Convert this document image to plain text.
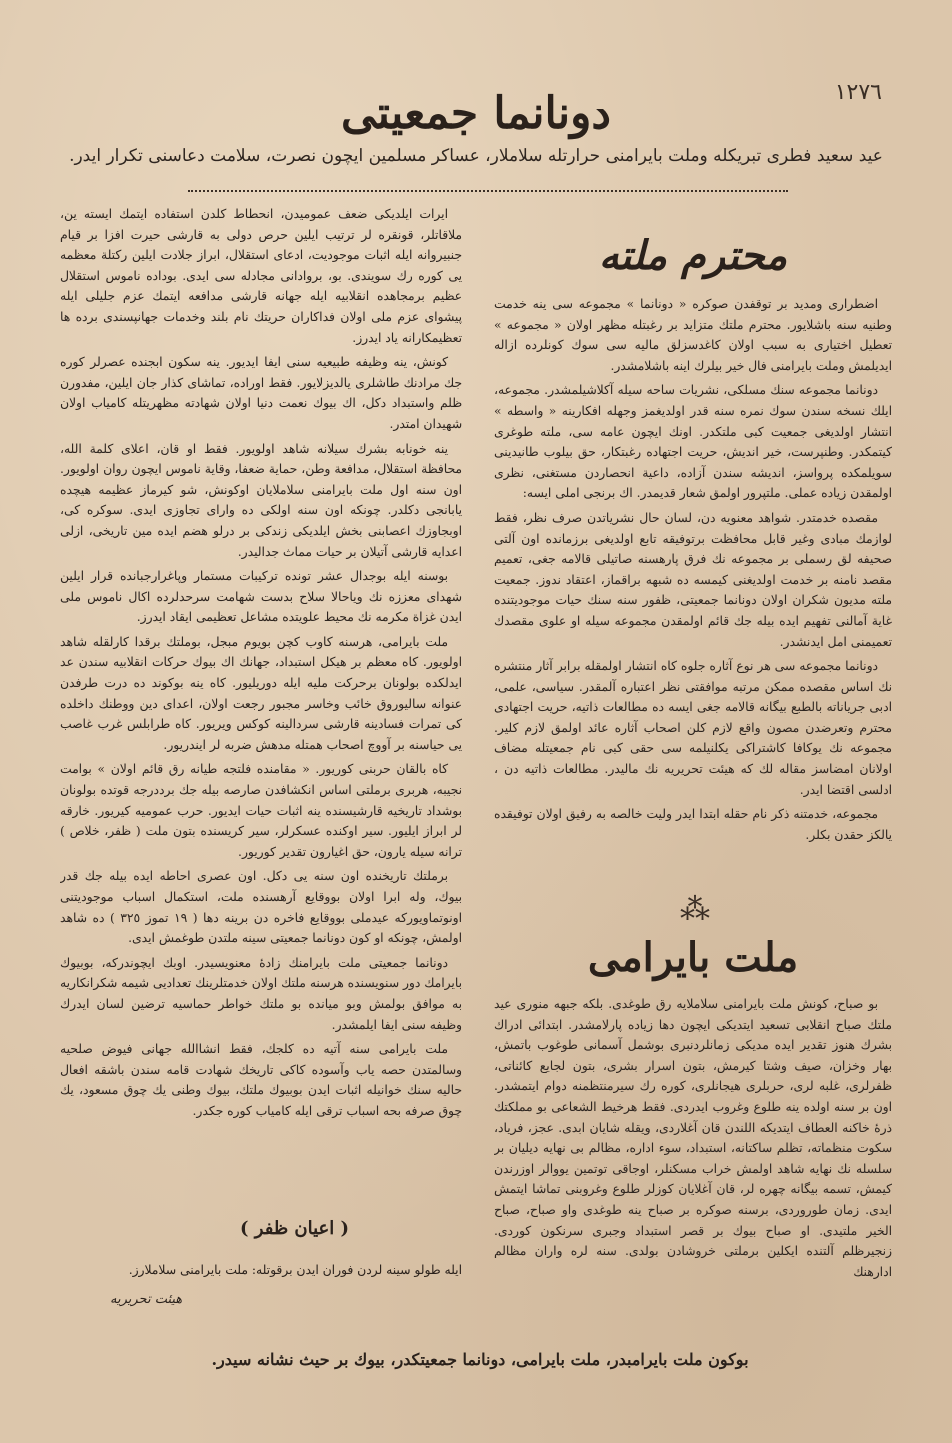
١٢٧٦
دونانما جمعيتى
عيد سعيد فطرى تبريكله وملت بايرامنى حرارتله سلاملار، عساكر مسلمين ايچون نصرت، سلامت دعاسنى تكرار ايدر.
محترم ملته

اضطرارى ومديد بر توقفدن صوكره « دونانما » مجموعه سى ينه خدمت وطنيه سنه باشلايور. محترم ملتك متزايد بر رغبتله مظهر اولان « مجموعه » تعطيل اختيارى به سبب اولان كاغدسزلق ماليه سى سوك كونلرده ازاله ايديلمش وملت بايرامنى فال خير بيلرك اينه باشلامشدر.

دونانما مجموعه سنك مسلكى، نشريات ساحه سيله آكلاشيلمشدر. مجموعه، ايلك نسخه سندن سوك نمره سنه قدر اولديغمز وجهله افكارينه « واسطه » انتشار اولديغى جمعيت كبى ملتكدر. اونك ايچون عامه سى، ملته طوغرى كيتمكدر. وطنپرست، خير انديش، حريت اجتهاده رغبتكار، حق بيلوب طانيدينى سويلمكده پرواسز، انديشه سندن آزاده، داعية انحصاردن مستغنى، نظرى اولمقدن زياده عملى. ملتپرور اولمق شعار قديمدر. اك برنجى املى ايسه:

مقصده خدمتدر. شواهد معنويه دن، لسان حال نشرياتدن صرف نظر، فقط لوازمك مبادى وغير قابل محافظت برتوفيقه تابع اولديغى برزمانده اون آلتى صحيفه لق رسملى بر مجموعه نك فرق پارهسنه صاتيلى قالامه جغى، تعميم مقصد نامنه بر خدمت اولديغنى كيمسه ده شبهه براقماز، اعتقاد ندوز. جمعيت ملته مديون شكران اولان دونانما جمعيتى، ظفور سنه سنك حيات موجوديتنده غاية آمالنى تفهيم ايده بيله جك قائم اولمقدن مجموعه سيله او علوى مقصدك تعميمنى امل ايدنشدر.

دونانما مجموعه سى هر نوع آثاره جلوه كاه انتشار اولمقله برابر آثار منتشره نك اساس مقصده ممكن مرتبه موافقتى نظر اعتباره آلمقدر. سياسى، علمى، ادبى جرياناته بالطبع بيگانه قالامه جغى ايسه ده مطالعات ذاتيه، حريت اجتهادى محترم وتعرضدن مصون واقع لازم كلن اصحاب آثاره عائد اولمق لازم كلير. مجموعه نك يوكافا كاشتراكى يكلنيلمه سى حقى كبى نام جمعيتله مضاف اولانان امضاسز مقاله لك كه هيئت تحريريه نك ماليدر. مطالعات ذاتيه دن ، ادلسى اقتضا ايدر.

مجموعه، خدمتنه ذكر نام حقله ابتدا ايدر وليت خالصه به رفيق اولان توفيقده يالكز حقدن بكلر.

⁂
ملت بايرامى

بو صباح، كونش ملت بايرامنى سلاملايه رق طوغدى. بلكه جبهه منورى عيد ملتك صباح انقلابى تسعيد ايتديكى ايچون دها زياده پارلامشدر. ابتدائى ادراك بشرك هنوز تقدير ايده مديكى زمانلردنبرى بوشمل آسمانى طوغوب باتمش، بهار وخزان، صيف وشتا كيرمش، بتون اسرار بشرى، بتون لجايع كائناتى، ظفرلرى، غلبه لرى، حربلرى هيجانلرى، كوره رك سيرمنتظمنه دوام ايتمشدر. اون بر سنه اولده ينه طلوع وغروب ايدردى. فقط هرخيط الشعاعى بو مملكتك ذرۀ خاكنه العطاف ايتديكه اللندن قان آغلاردى، ويقله شايان ابدى. عجز، فرياد، سكوت منظماته، تظلم ساكتانه، استبداد، سوء اداره، مظالم بى نهايه ديليان بر سلسله نك نهايه شاهد اولمش خراب مسكنلر، اوجاقى توتمين يووالر اوزرندن كيمش، تسمه بيگانه چهره لر، قان آغلايان كوزلر طلوع وغروبنى تماشا ايتمش ايدى. زمان طوروردى، برسنه صوكره بر صباح ينه طوغدى واو صباح، صباح الخير ملتيدى. او صباح بيوك بر قصر استبداد وجبرى سرنكون كوردى. زنجيرظلم آلتنده ايكلين برملتى خروشادن بولدى. سنه لره واران مظالم ادارهنك

ايرات ايلديكى ضعف عموميدن، انحطاط كلدن استفاده ايتمك ايسته ين، ملاقاتلر، قونقره لر ترتيب ايلين حرص دولى به قارشى حيرت افزا بر قيام جنبيروانه ايله اثبات موجوديت، ادعاى استقلال، ابراز جلادت ايلين ركتلة معظمه يى كوره رك سويندى. بو، بروادانى مجادله سى ايدى. بوداده ناموس استقلال عظيم برمجاهده انقلابيه ايله جهانه قارشى مدافعه ايتمك عزم جليلى ايله پيشواى عزم ملى اولان فداكاران حريتك نام بلند وخدمات جهانپسندى برده ها تعظيمكارانه ياد ايدرز.

كونش، ينه وظيفه طبيعيه سنى ايفا ايديور. ينه سكون ابجنده عصرلر كوره جك مرادنك طاشلرى يالديزلايور. فقط اوراده، تماشاى كذار جان ايلين، مفدورن ظلم واستبداد دكل، اك بيوك نعمت دنيا اولان شهادته مظهريتله كامياب اولان شهيدان امتدر.

ينه خونابه بشرك سيلانه شاهد اولويور. فقط او قان، اعلاى كلمة الله، محافظة استقلال، مدافعة وطن، حماية ضعفا، وقاية ناموس ايچون روان اولويور. اون سنه اول ملت بايرامنى سلاملايان اوكونش، شو كيرماز عظيمه هيچده يابانجى دكلدر. چونكه اون سنه اولكى ده واراى تجاوزى ايدى. سوكره كى، اوبجاوزك اعصابنى بخش ايلديكى زندكى بر درلو هضم ايده مين تاريخى، ازلى اعدايه قارشى آتيلان بر حيات مماث جداليدر.

بوسنه ايله بوجدال عشر تونده تركيبات مستمار وپاغرارجبانده قرار ايلين شهداى معززه نك وياحالا سلاح بدست شهامت سرحدلرده اكال ناموس ملى ايدن غزاة مكرمه نك محيط علويتده مشاعل تعظيمى ايقاد ايدرز.

ملت بايرامى، هرسنه كاوب كچن بويوم مبجل، بوملتك برقدا كارلقله شاهد اولويور. كاه معظم بر هيكل استبداد، جهانك اك بيوك حركات انقلابيه سندن عد ايدلكده بولونان برحركت مليه ايله دوريليور. كاه ينه بوكوند ده درت طرفدن عنوانه ساليوروق خائب وخاسر مجبور رجعت اولان، اعداى دين ووطنك داخلده كى تمرات فسادينه قارشى سردالينه كوكس ويريور. كاه طرابلس غرب غاصب يى حياسنه بر آووچ اصحاب همتله مدهش ضربه لر ايندريور.

كاه بالقان حربنى كوريور. « مقامنده فلتجه طيانه رق قائم اولان » بوامت نجيبه، هربرى برملتى اساس انكشافدن صارصه بيله جك برددرجه قوتده بولونان بوشداد تاريخيه قارشيسنده ينه اثبات حيات ايديور. حرب عموميه كيريور. خارقه لر ابراز ايليور. سير اوكنده عسكرلر، سير كريسنده بتون ملت ( ظفر، خلاص ) ترانه سيله يارون، حق اغيارون تقدير كوريور.

برملتك تاريخنده اون سنه يى دكل. اون عصرى احاطه ايده بيله جك قدر بيوك، وله ابرا اولان بووقايع آرهسنده ملت، استكمال اسباب موجوديتنى اونوتماويوركه عيدملى بووقايع فاخره دن برينه دها ( ١٩ تموز ٣٢٥ ) ده شاهد اولمش، چونكه او كون دونانما جمعيتى سينه ملتدن طوغمش ايدى.

دونانما جمعيتى ملت بايرامنك زادۀ معنويسيدر. اوبك ايچوندركه، بوبيوك بايرامك دور سنويسنده هرسنه ملتك اولان خدمتلرينك تعداديى شيمه شكرانكاريه به موافق بولمش وبو ميانده بو ملتك خواطر حماسيه ترضين لسان ايدرك وظيفه سنى ايفا ايلمشدر.

ملت بايرامى سنه آتيه ده كلجك، فقط انشاالله جهانى فيوض صلحيه وسالمتدن حصه ياب وآسوده كاكى تاريخك شهادت قامه سندن باشقه افعال حاليه سنك خوانيله اثبات ايدن بوبيوك ملتك، بيوك وطنى يك چوق مسعود، يك چوق صرفه بحه اسباب ترقى ايله كامياب كوره جكدر.

( اعيان ظفر )
ايله طولو سينه لردن فوران ايدن برقوتله: ملت بايرامنى سلاملارز.
هيئت تحريريه
بوكون ملت بايرامبدر، ملت بايرامى، دونانما جمعيتكدر، بيوك بر حيث نشانه سيدر.
